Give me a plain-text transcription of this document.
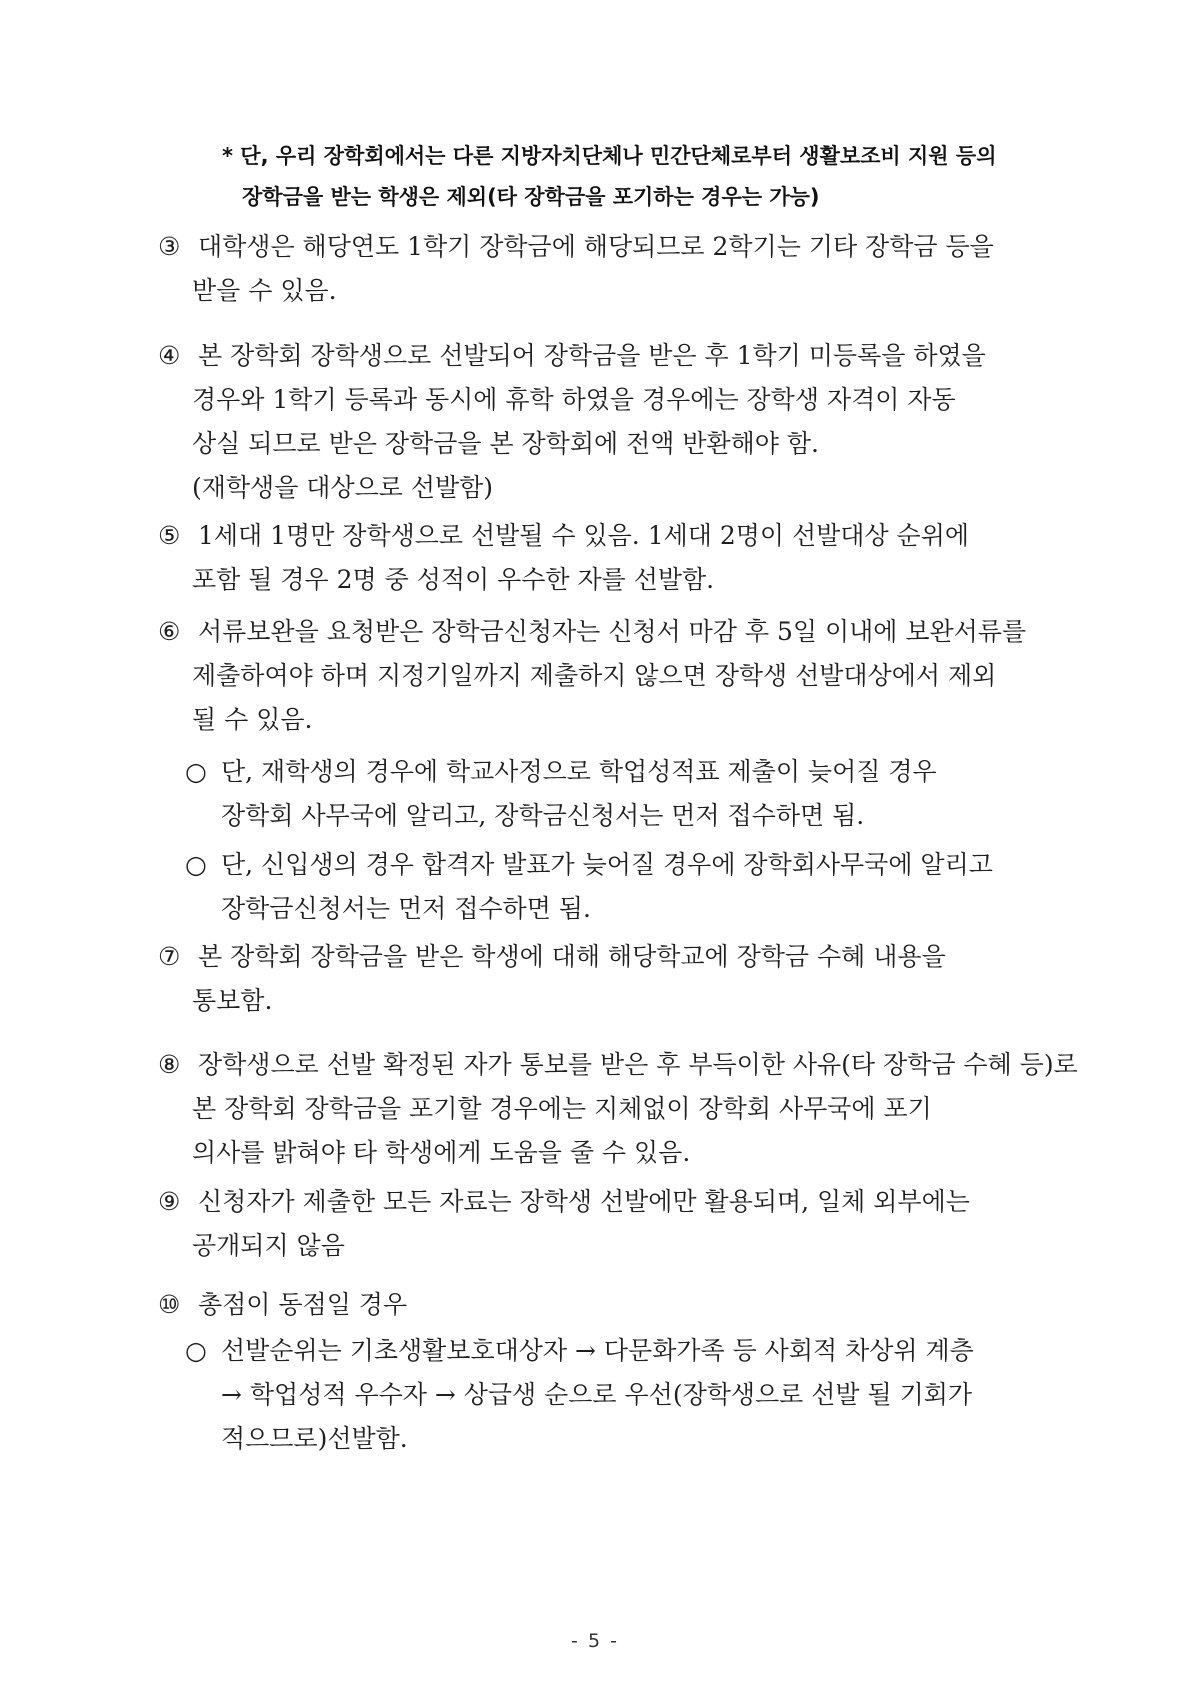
* 단, 우리 장학회에서는 다른 지방자치단체나 민간단체로부터 생활보조비 지원 등의
장학금을 받는 학생은 제외(타 장학금을 포기하는 경우는 가능)
③ 대학생은 해당연도 1학기 장학금에 해당되므로 2학기는 기타 장학금 등을
받을 수 있음.
④ 본 장학회 장학생으로 선발되어 장학금을 받은 후 1학기 미등록을 하였을
경우와 1학기 등록과 동시에 휴학 하였을 경우에는 장학생 자격이 자동
상실 되므로 받은 장학금을 본 장학회에 전액 반환해야 함.
(재학생을 대상으로 선발함)
⑤ 1세대 1명만 장학생으로 선발될 수 있음. 1세대 2명이 선발대상 순위에
포함 될 경우 2명 중 성적이 우수한 자를 선발함.
⑥ 서류보완을 요청받은 장학금신청자는 신청서 마감 후 5일 이내에 보완서류를
제출하여야 하며 지정기일까지 제출하지 않으면 장학생 선발대상에서 제외
될 수 있음.
○ 단, 재학생의 경우에 학교사정으로 학업성적표 제출이 늦어질 경우
장학회 사무국에 알리고, 장학금신청서는 먼저 접수하면 됨.
○ 단, 신입생의 경우 합격자 발표가 늦어질 경우에 장학회사무국에 알리고
장학금신청서는 먼저 접수하면 됨.
⑦ 본 장학회 장학금을 받은 학생에 대해 해당학교에 장학금 수혜 내용을
통보함.
⑧ 장학생으로 선발 확정된 자가 통보를 받은 후 부득이한 사유(타 장학금 수혜 등)로
본 장학회 장학금을 포기할 경우에는 지체없이 장학회 사무국에 포기
의사를 밝혀야 타 학생에게 도움을 줄 수 있음.
⑨ 신청자가 제출한 모든 자료는 장학생 선발에만 활용되며, 일체 외부에는
공개되지 않음
⑩ 총점이 동점일 경우
○ 선발순위는 기초생활보호대상자 → 다문화가족 등 사회적 차상위 계층
→ 학업성적 우수자 → 상급생 순으로 우선(장학생으로 선발 될 기회가
적으므로)선발함.
- 5 -
